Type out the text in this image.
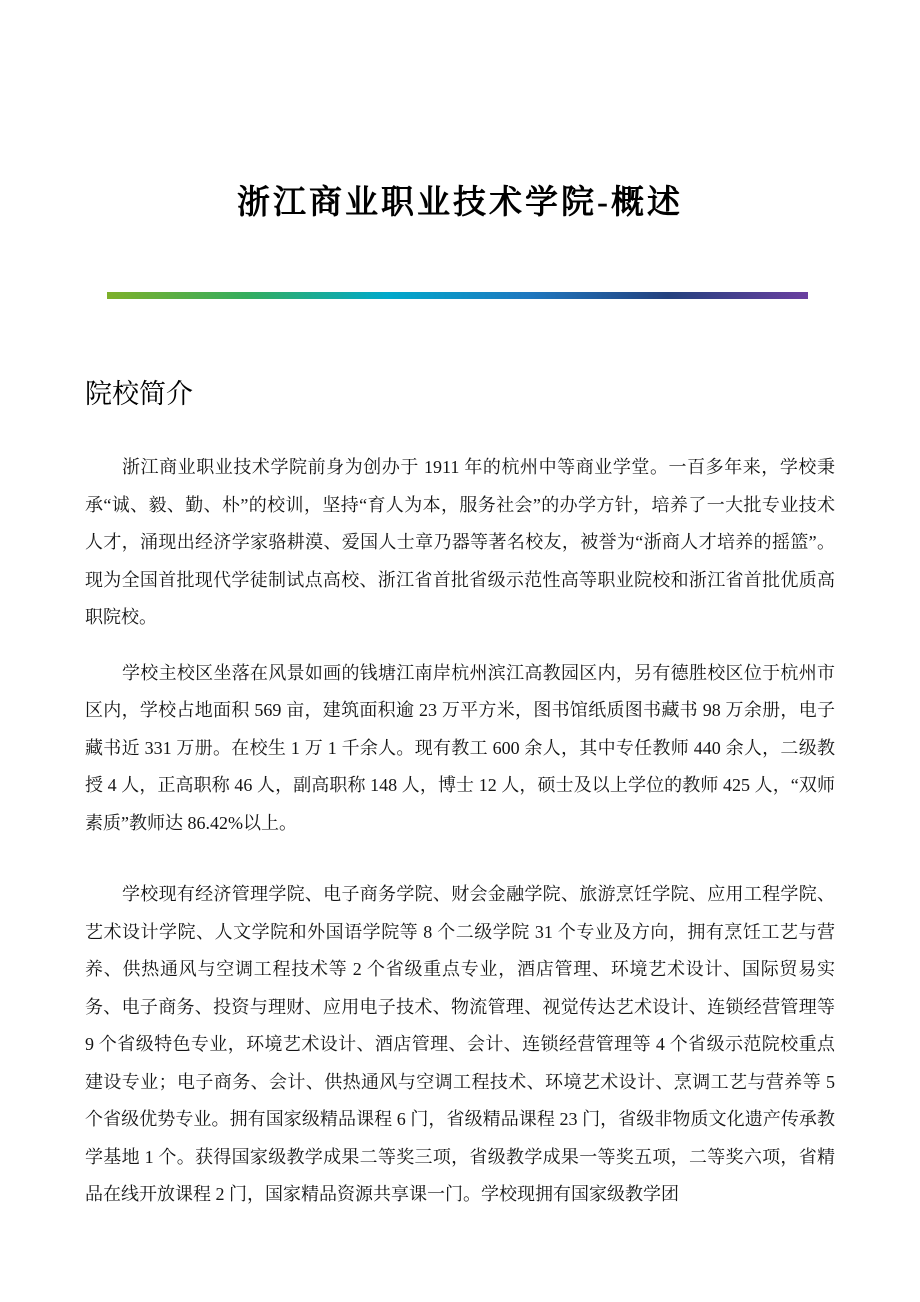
浙江商业职业技术学院-概述
院校简介

浙江商业职业技术学院前身为创办于 1911 年的杭州中等商业学堂。一百多年来，学校秉承“诚、毅、勤、朴”的校训，坚持“育人为本，服务社会”的办学方针，培养了一大批专业技术人才，涌现出经济学家骆耕漠、爱国人士章乃器等著名校友，被誉为“浙商人才培养的摇篮”。现为全国首批现代学徒制试点高校、浙江省首批省级示范性高等职业院校和浙江省首批优质高职院校。

学校主校区坐落在风景如画的钱塘江南岸杭州滨江高教园区内，另有德胜校区位于杭州市区内，学校占地面积 569 亩，建筑面积逾 23 万平方米，图书馆纸质图书藏书 98 万余册，电子藏书近 331 万册。在校生 1 万 1 千余人。现有教工 600 余人，其中专任教师 440 余人，二级教授 4 人，正高职称 46 人，副高职称 148 人，博士 12 人，硕士及以上学位的教师 425 人，“双师素质”教师达 86.42%以上。

学校现有经济管理学院、电子商务学院、财会金融学院、旅游烹饪学院、应用工程学院、艺术设计学院、人文学院和外国语学院等 8 个二级学院 31 个专业及方向，拥有烹饪工艺与营养、供热通风与空调工程技术等 2 个省级重点专业，酒店管理、环境艺术设计、国际贸易实务、电子商务、投资与理财、应用电子技术、物流管理、视觉传达艺术设计、连锁经营管理等 9 个省级特色专业，环境艺术设计、酒店管理、会计、连锁经营管理等 4 个省级示范院校重点建设专业；电子商务、会计、供热通风与空调工程技术、环境艺术设计、烹调工艺与营养等 5 个省级优势专业。拥有国家级精品课程 6 门，省级精品课程 23 门，省级非物质文化遗产传承教学基地 1 个。获得国家级教学成果二等奖三项，省级教学成果一等奖五项，二等奖六项，省精品在线开放课程 2 门，国家精品资源共享课一门。学校现拥有国家级教学团
